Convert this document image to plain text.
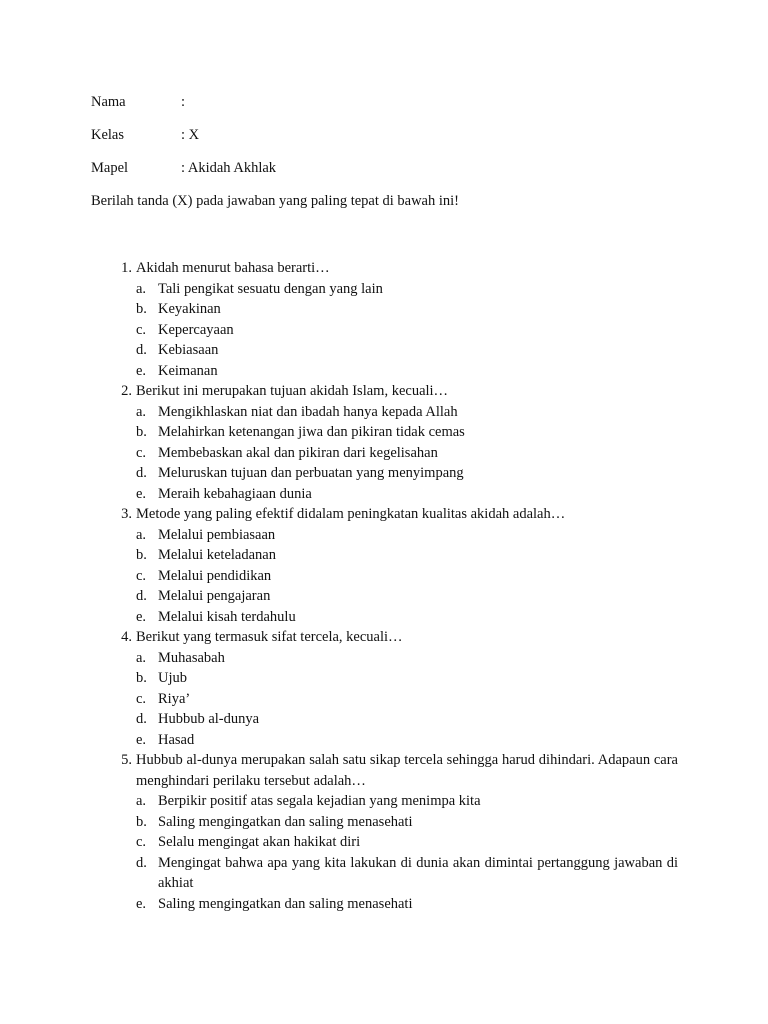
Nama	:
Kelas	: X
Mapel	: Akidah Akhlak
Berilah tanda (X) pada jawaban yang paling tepat di bawah ini!
1. Akidah menurut bahasa berarti…
a. Tali pengikat sesuatu dengan yang lain
b. Keyakinan
c. Kepercayaan
d. Kebiasaan
e. Keimanan
2. Berikut ini merupakan tujuan akidah Islam, kecuali…
a. Mengikhlaskan niat dan ibadah hanya kepada Allah
b. Melahirkan ketenangan jiwa dan pikiran tidak cemas
c. Membebaskan akal dan pikiran dari kegelisahan
d. Meluruskan tujuan dan perbuatan yang menyimpang
e. Meraih kebahagiaan dunia
3. Metode yang paling efektif didalam peningkatan kualitas akidah adalah…
a. Melalui pembiasaan
b. Melalui keteladanan
c. Melalui pendidikan
d. Melalui pengajaran
e. Melalui kisah terdahulu
4. Berikut yang termasuk sifat tercela, kecuali…
a. Muhasabah
b. Ujub
c. Riya’
d. Hubbub al-dunya
e. Hasad
5. Hubbub al-dunya merupakan salah satu sikap tercela sehingga harud dihindari. Adapaun cara menghindari perilaku tersebut adalah…
a. Berpikir positif atas segala kejadian yang menimpa kita
b. Saling mengingatkan dan saling menasehati
c. Selalu mengingat akan hakikat diri
d. Mengingat bahwa apa yang kita lakukan di dunia akan dimintai pertanggung jawaban di akhiat
e. Saling mengingatkan dan saling menasehati
